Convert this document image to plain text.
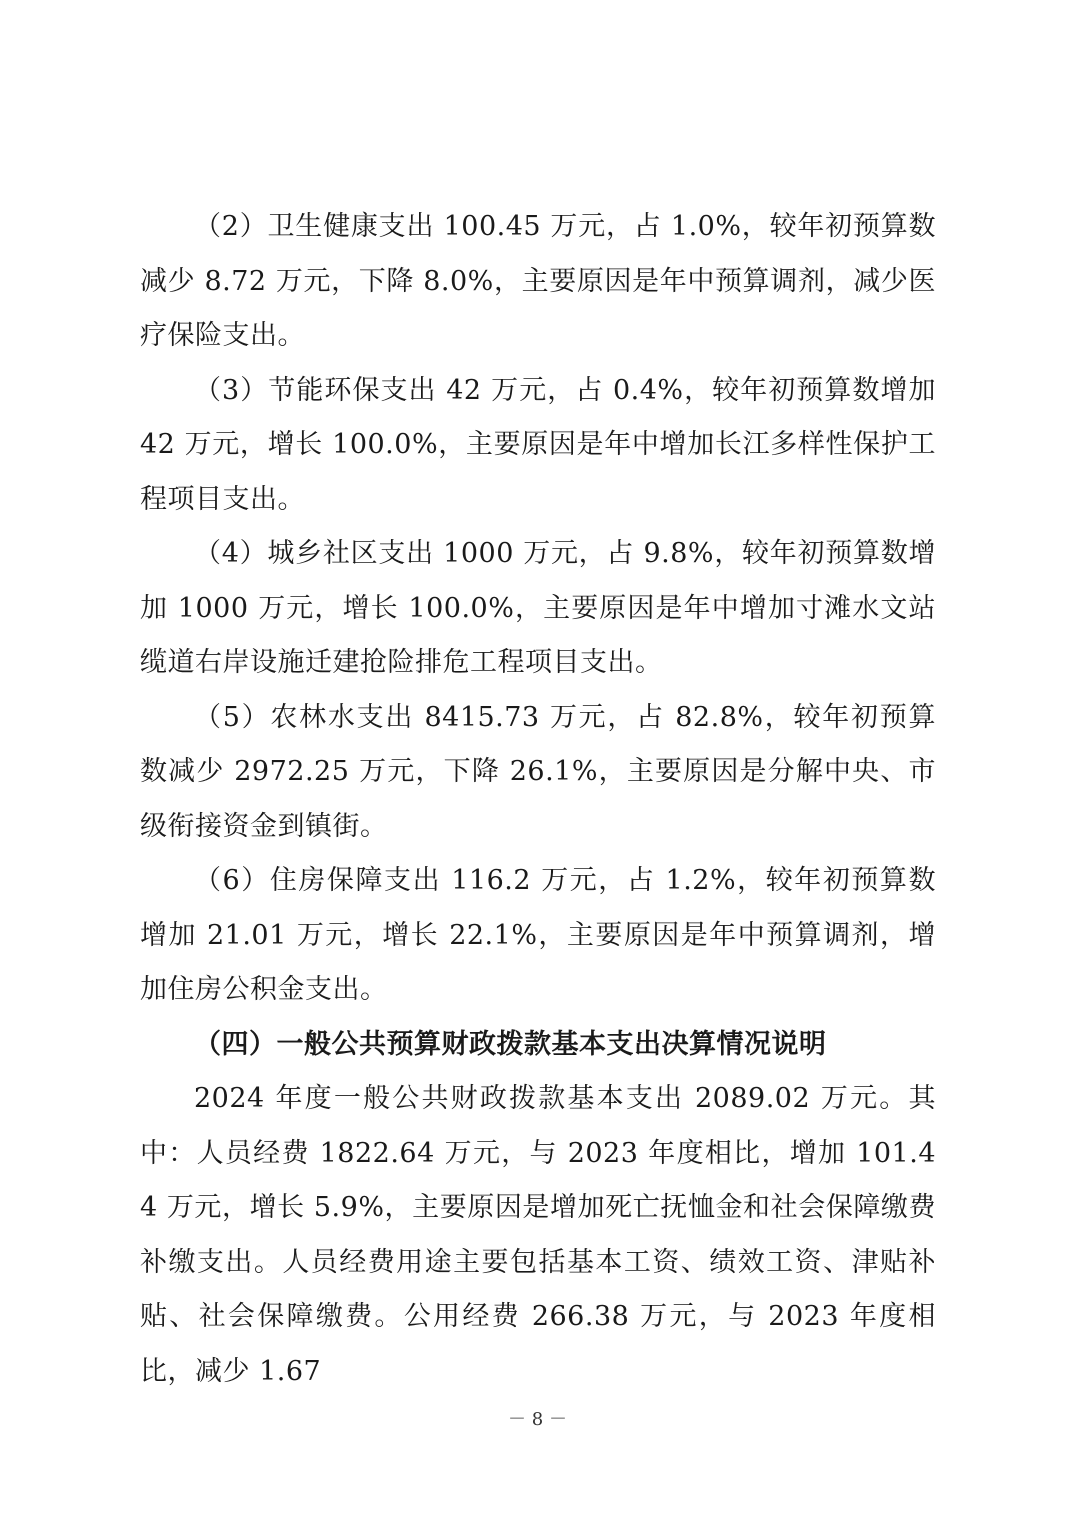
（2）卫生健康支出 100.45 万元，占 1.0%，较年初预算数减少 8.72 万元，下降 8.0%，主要原因是年中预算调剂，减少医疗保险支出。

（3）节能环保支出 42 万元，占 0.4%，较年初预算数增加 42 万元，增长 100.0%，主要原因是年中增加长江多样性保护工程项目支出。

（4）城乡社区支出 1000 万元，占 9.8%，较年初预算数增加 1000 万元，增长 100.0%，主要原因是年中增加寸滩水文站缆道右岸设施迁建抢险排危工程项目支出。

（5）农林水支出 8415.73 万元，占 82.8%，较年初预算数减少 2972.25 万元，下降 26.1%，主要原因是分解中央、市级衔接资金到镇街。

（6）住房保障支出 116.2 万元，占 1.2%，较年初预算数增加 21.01 万元，增长 22.1%，主要原因是年中预算调剂，增加住房公积金支出。

（四）一般公共预算财政拨款基本支出决算情况说明

2024 年度一般公共财政拨款基本支出 2089.02 万元。其中：人员经费 1822.64 万元，与 2023 年度相比，增加 101.44 万元，增长 5.9%，主要原因是增加死亡抚恤金和社会保障缴费补缴支出。人员经费用途主要包括基本工资、绩效工资、津贴补贴、社会保障缴费。公用经费 266.38 万元，与 2023 年度相比，减少 1.67

－ 8 －
